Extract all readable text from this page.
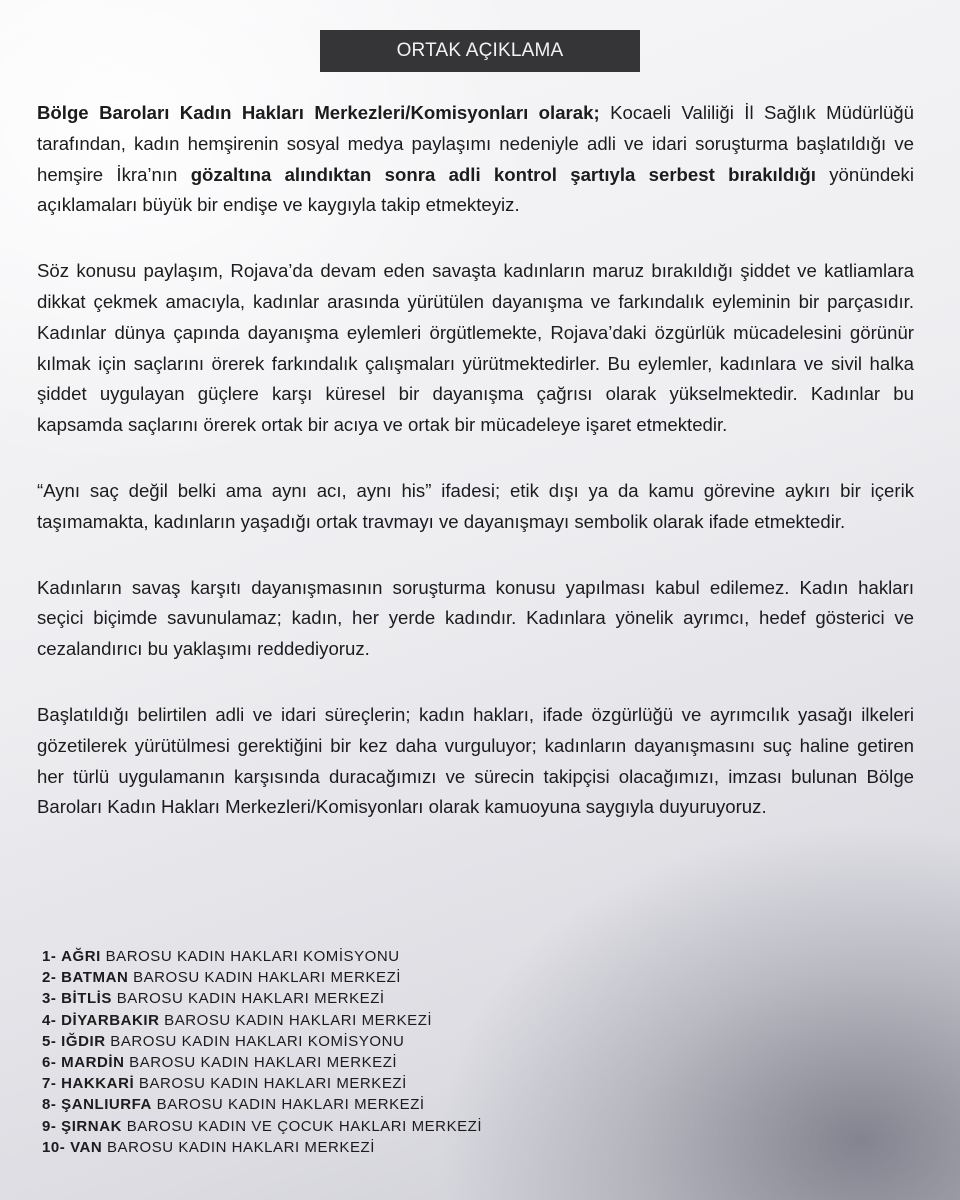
ORTAK AÇIKLAMA

Bölge Baroları Kadın Hakları Merkezleri/Komisyonları olarak; Kocaeli Valiliği İl Sağlık Müdürlüğü tarafından, kadın hemşirenin sosyal medya paylaşımı nedeniyle adli ve idari soruşturma başlatıldığı ve hemşire İkra’nın gözaltına alındıktan sonra adli kontrol şartıyla serbest bırakıldığı yönündeki açıklamaları büyük bir endişe ve kaygıyla takip etmekteyiz.

Söz konusu paylaşım, Rojava’da devam eden savaşta kadınların maruz bırakıldığı şiddet ve katliamlara dikkat çekmek amacıyla, kadınlar arasında yürütülen dayanışma ve farkındalık eyleminin bir parçasıdır. Kadınlar dünya çapında dayanışma eylemleri örgütlemekte, Rojava’daki özgürlük mücadelesini görünür kılmak için saçlarını örerek farkındalık çalışmaları yürütmektedirler. Bu eylemler, kadınlara ve sivil halka şiddet uygulayan güçlere karşı küresel bir dayanışma çağrısı olarak yükselmektedir. Kadınlar bu kapsamda saçlarını örerek ortak bir acıya ve ortak bir mücadeleye işaret etmektedir.

“Aynı saç değil belki ama aynı acı, aynı his” ifadesi; etik dışı ya da kamu görevine aykırı bir içerik taşımamakta, kadınların yaşadığı ortak travmayı ve dayanışmayı sembolik olarak ifade etmektedir.

Kadınların savaş karşıtı dayanışmasının soruşturma konusu yapılması kabul edilemez. Kadın hakları seçici biçimde savunulamaz; kadın, her yerde kadındır. Kadınlara yönelik ayrımcı, hedef gösterici ve cezalandırıcı bu yaklaşımı reddediyoruz.

Başlatıldığı belirtilen adli ve idari süreçlerin; kadın hakları, ifade özgürlüğü ve ayrımcılık yasağı ilkeleri gözetilerek yürütülmesi gerektiğini bir kez daha vurguluyor; kadınların dayanışmasını suç haline getiren her türlü uygulamanın karşısında duracağımızı ve sürecin takipçisi olacağımızı, imzası bulunan Bölge Baroları Kadın Hakları Merkezleri/Komisyonları olarak kamuoyuna saygıyla duyuruyoruz.

1- AĞRI BAROSU KADIN HAKLARI KOMİSYONU
2- BATMAN BAROSU KADIN HAKLARI MERKEZİ
3- BİTLİS BAROSU KADIN HAKLARI MERKEZİ
4- DİYARBAKIR BAROSU KADIN HAKLARI MERKEZİ
5- IĞDIR BAROSU KADIN HAKLARI KOMİSYONU
6- MARDİN BAROSU KADIN HAKLARI MERKEZİ
7- HAKKARİ BAROSU KADIN HAKLARI MERKEZİ
8- ŞANLIURFA BAROSU KADIN HAKLARI MERKEZİ
9- ŞIRNAK BAROSU KADIN VE ÇOCUK HAKLARI MERKEZİ
10- VAN BAROSU KADIN HAKLARI MERKEZİ
